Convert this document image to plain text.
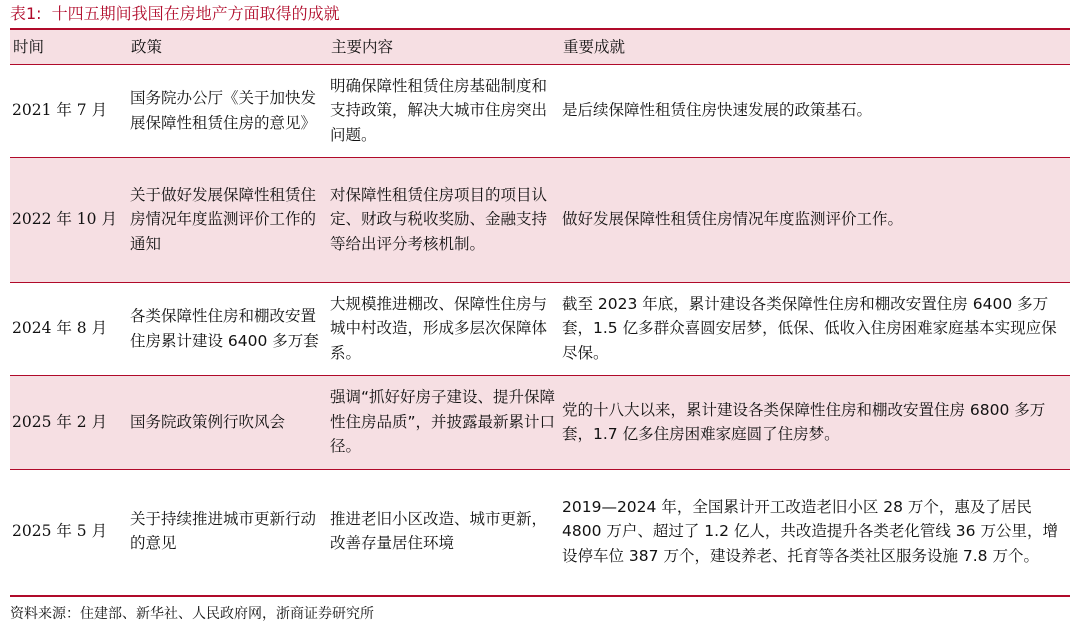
表1: 十四五期间我国在房地产方面取得的成就
时间	政策	主要内容	重要成就
2021 年 7 月	国务院办公厅《关于加快发展保障性租赁住房的意见》	明确保障性租赁住房基础制度和支持政策，解决大城市住房突出问题。	是后续保障性租赁住房快速发展的政策基石。
2022 年 10 月	关于做好发展保障性租赁住房情况年度监测评价工作的通知	对保障性租赁住房项目的项目认定、财政与税收奖励、金融支持等给出评分考核机制。	做好发展保障性租赁住房情况年度监测评价工作。
2024 年 8 月	各类保障性住房和棚改安置住房累计建设 6400 多万套	大规模推进棚改、保障性住房与城中村改造，形成多层次保障体系。	截至 2023 年底，累计建设各类保障性住房和棚改安置住房 6400 多万套，1.5 亿多群众喜圆安居梦，低保、低收入住房困难家庭基本实现应保尽保。
2025 年 2 月	国务院政策例行吹风会	强调“抓好好房子建设、提升保障性住房品质”，并披露最新累计口径。	党的十八大以来，累计建设各类保障性住房和棚改安置住房 6800 多万套，1.7 亿多住房困难家庭圆了住房梦。
2025 年 5 月	关于持续推进城市更新行动的意见	推进老旧小区改造、城市更新，改善存量居住环境	2019—2024 年，全国累计开工改造老旧小区 28 万个，惠及了居民 4800 万户、超过了 1.2 亿人，共改造提升各类老化管线 36 万公里，增设停车位 387 万个，建设养老、托育等各类社区服务设施 7.8 万个。
资料来源：住建部、新华社、人民政府网，浙商证券研究所
